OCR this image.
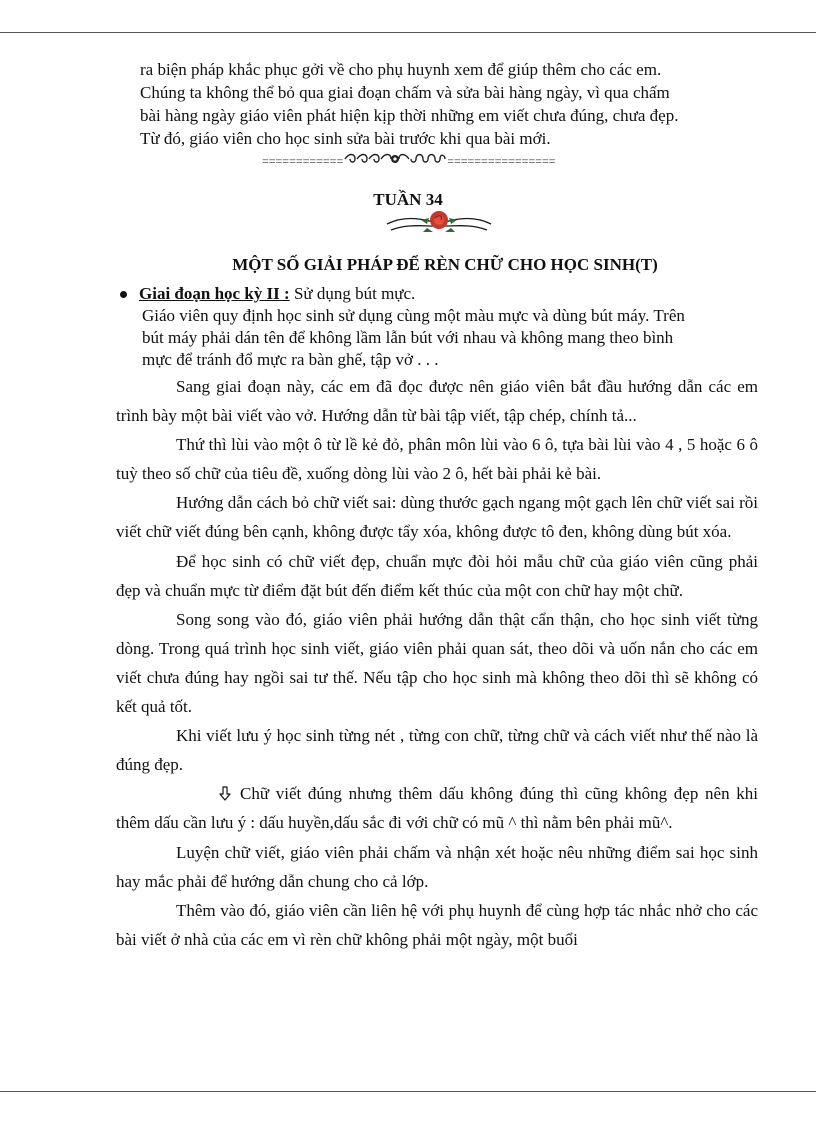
ra biện pháp khắc phục gởi về cho phụ huynh xem để giúp thêm cho các em.

Chúng ta không thể bỏ qua giai đoạn chấm và sửa bài hàng ngày, vì qua chấm

bài hàng ngày giáo viên phát hiện kịp thời những em viết chưa đúng, chưa đẹp.

Từ đó, giáo viên cho học sinh sửa bài trước khi qua bài mới.

============	================
TUẦN 34
MỘT SỐ GIẢI PHÁP ĐỂ RÈN CHỮ CHO HỌC SINH(T)
Giai đoạn học kỳ II : Sử dụng bút mực.

Giáo viên quy định học sinh sử dụng cùng một màu mực và dùng bút máy. Trên

bút máy phải dán tên để không lầm lẫn bút với nhau và không mang theo bình

mực để tránh đổ mực ra bàn ghế, tập vở . . .

Sang giai đoạn này, các em đã đọc được nên giáo viên bắt đầu hướng dẫn các em trình bày một bài viết vào vở. Hướng dẫn từ bài tập viết, tập chép, chính tả...

Thứ thì lùi vào một ô từ lề kẻ đỏ, phân môn lùi vào 6 ô, tựa bài lùi vào 4 , 5 hoặc 6 ô tuỳ theo số chữ của tiêu đề, xuống dòng lùi vào 2 ô, hết bài phải kẻ bài.

Hướng dẫn cách bỏ chữ viết sai: dùng thước gạch ngang một gạch lên chữ viết sai rồi viết chữ viết đúng bên cạnh, không được tẩy xóa, không được tô đen, không dùng bút xóa.

Để học sinh có chữ viết đẹp, chuẩn mực đòi hỏi mẫu chữ của giáo viên cũng phải đẹp và chuẩn mực từ điểm đặt bút đến điểm kết thúc của một con chữ hay một chữ.

Song song vào đó, giáo viên phải hướng dẫn thật cẩn thận, cho học sinh viết từng dòng. Trong quá trình học sinh viết, giáo viên phải quan sát, theo dõi và uốn nắn cho các em viết chưa đúng hay ngồi sai tư thế. Nếu tập cho học sinh mà không theo dõi thì sẽ không có kết quả tốt.

Khi viết lưu ý học sinh từng nét , từng con chữ, từng chữ và cách viết như thế nào là đúng đẹp.

Chữ viết đúng nhưng thêm dấu không đúng thì cũng không đẹp nên khi thêm dấu cần lưu ý : dấu huyền,dấu sắc đi với chữ có mũ ^ thì nằm bên phải mũ^.

Luyện chữ viết, giáo viên phải chấm và nhận xét hoặc nêu những điểm sai học sinh hay mắc phải để hướng dẫn chung cho cả lớp.

Thêm vào đó, giáo viên cần liên hệ với phụ huynh để cùng hợp tác nhắc nhở cho các bài viết ở nhà của các em vì rèn chữ không phải một ngày, một buổi
